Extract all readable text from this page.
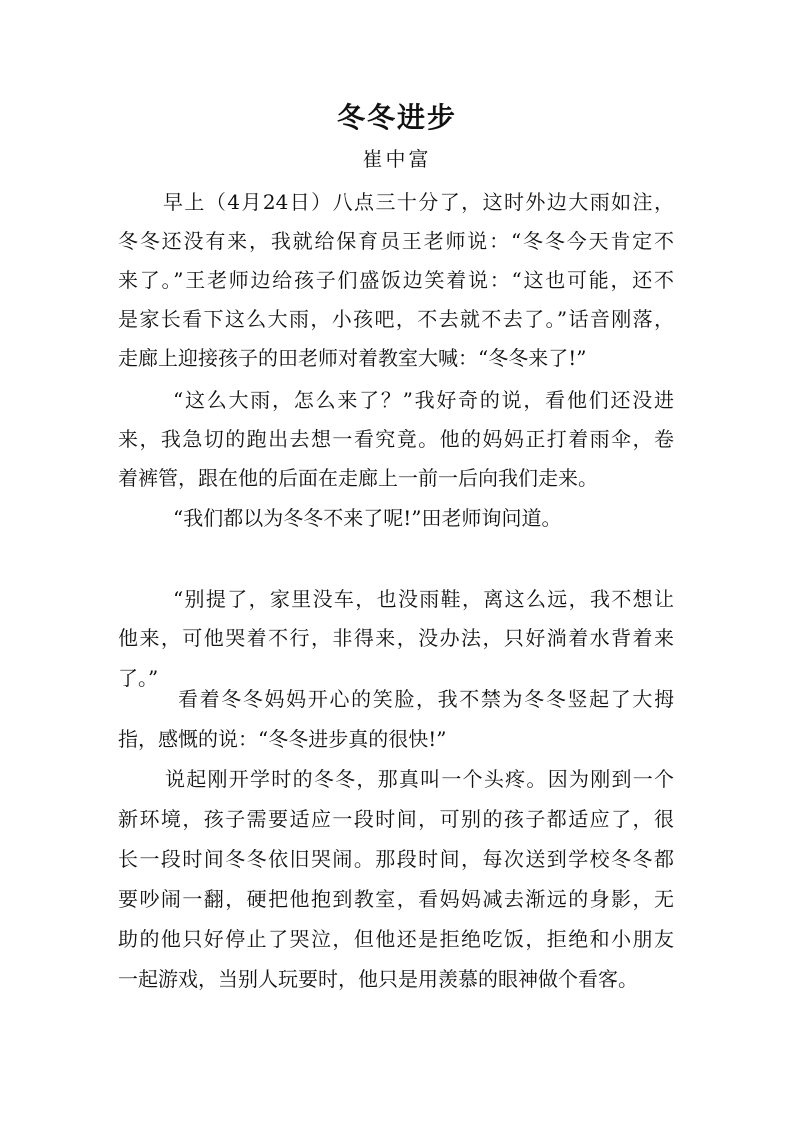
冬冬进步
崔中富
早上（4月24日）八点三十分了，这时外边大雨如注，
冬冬还没有来，我就给保育员王老师说：“冬冬今天肯定不
来了。”王老师边给孩子们盛饭边笑着说：“这也可能，还不
是家长看下这么大雨，小孩吧，不去就不去了。”话音刚落，
走廊上迎接孩子的田老师对着教室大喊：“冬冬来了!”
“这么大雨，怎么来了？”我好奇的说，看他们还没进
来，我急切的跑出去想一看究竟。他的妈妈正打着雨伞，卷
着裤管，跟在他的后面在走廊上一前一后向我们走来。
“我们都以为冬冬不来了呢!”田老师询问道。
“别提了，家里没车，也没雨鞋，离这么远，我不想让
他来，可他哭着不行，非得来，没办法，只好淌着水背着来
了。”
看着冬冬妈妈开心的笑脸，我不禁为冬冬竖起了大拇
指，感慨的说：“冬冬进步真的很快!”
说起刚开学时的冬冬，那真叫一个头疼。因为刚到一个
新环境，孩子需要适应一段时间，可别的孩子都适应了，很
长一段时间冬冬依旧哭闹。那段时间，每次送到学校冬冬都
要吵闹一翻，硬把他抱到教室，看妈妈减去渐远的身影，无
助的他只好停止了哭泣，但他还是拒绝吃饭，拒绝和小朋友
一起游戏，当别人玩要时，他只是用羡慕的眼神做个看客。
